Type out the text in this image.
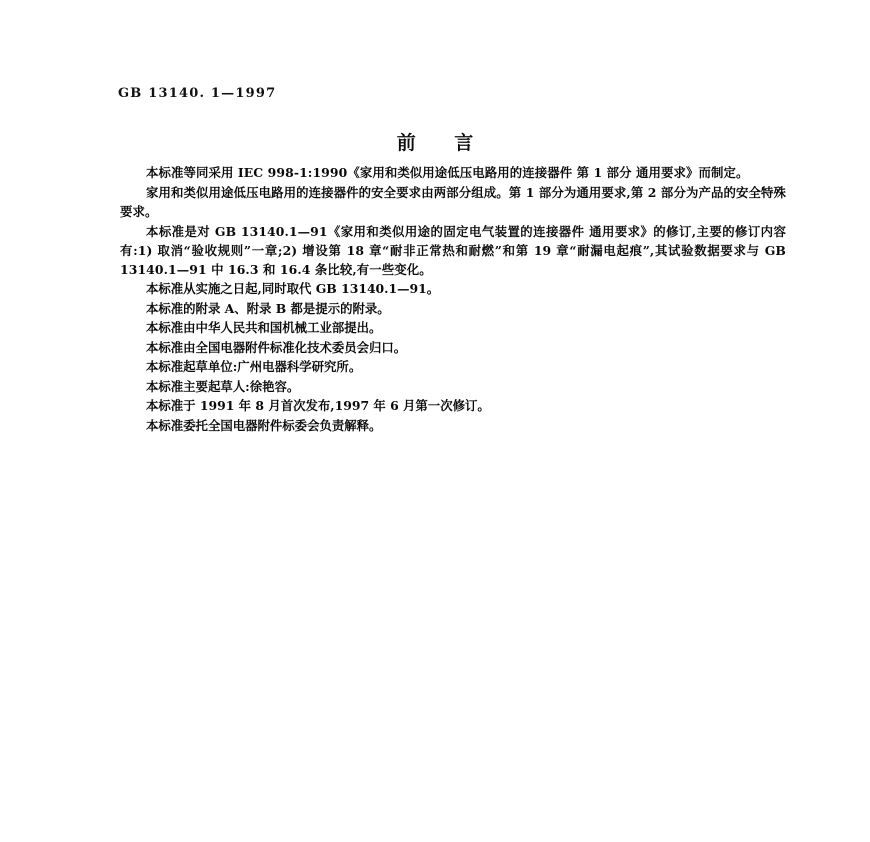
GB 13140. 1—1997
前 言

本标准等同采用 IEC 998-1:1990《家用和类似用途低压电路用的连接器件 第 1 部分 通用要求》而制定。

家用和类似用途低压电路用的连接器件的安全要求由两部分组成。第 1 部分为通用要求,第 2 部分为产品的安全特殊要求。

本标准是对 GB 13140.1—91《家用和类似用途的固定电气装置的连接器件 通用要求》的修订,主要的修订内容有:1) 取消“验收规则”一章;2) 增设第 18 章“耐非正常热和耐燃”和第 19 章“耐漏电起痕”,其试验数据要求与 GB 13140.1—91 中 16.3 和 16.4 条比较,有一些变化。

本标准从实施之日起,同时取代 GB 13140.1—91。
本标准的附录 A、附录 B 都是提示的附录。
本标准由中华人民共和国机械工业部提出。
本标准由全国电器附件标准化技术委员会归口。
本标准起草单位:广州电器科学研究所。
本标准主要起草人:徐艳容。
本标准于 1991 年 8 月首次发布,1997 年 6 月第一次修订。
本标准委托全国电器附件标委会负责解释。
